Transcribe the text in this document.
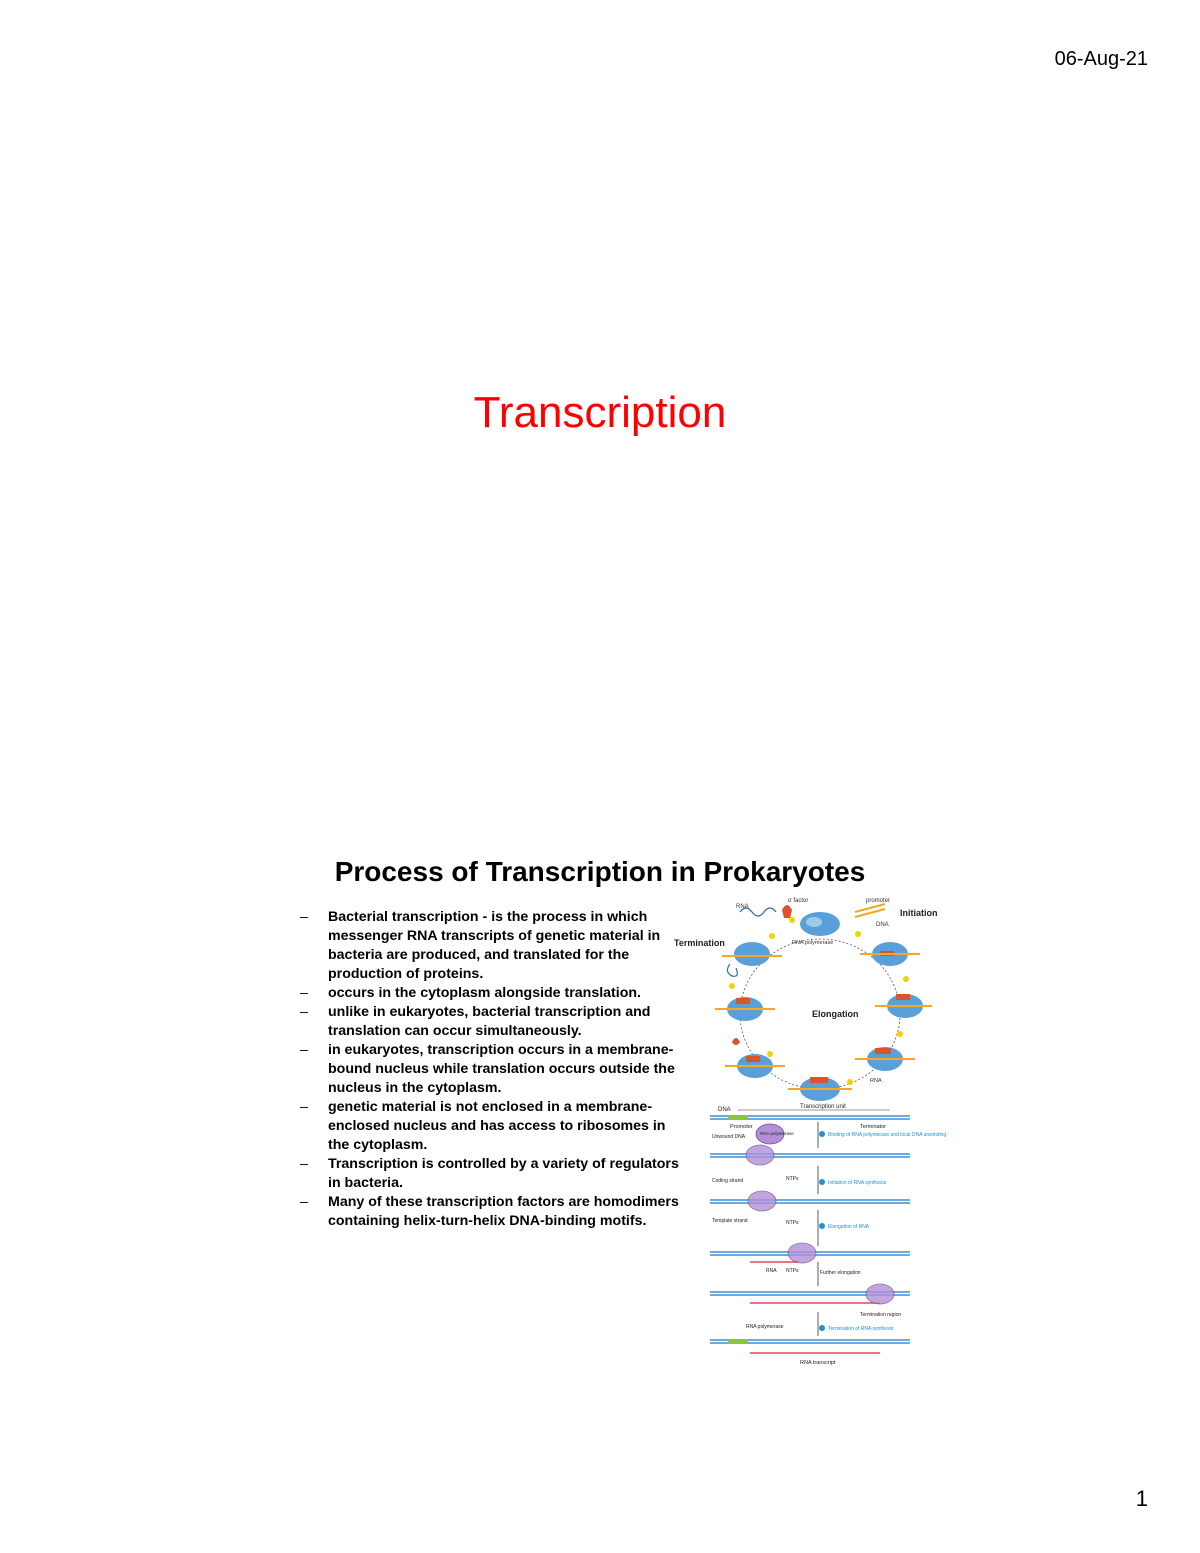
06-Aug-21
Transcription
Process of Transcription in Prokaryotes
– Bacterial transcription - is the process in which messenger RNA transcripts of genetic material in bacteria are produced, and translated for the production of proteins.
– occurs in the cytoplasm alongside translation.
– unlike in eukaryotes, bacterial transcription and translation can occur simultaneously.
– in eukaryotes, transcription occurs in a membrane-bound nucleus while translation occurs outside the nucleus in the cytoplasm.
– genetic material is not enclosed in a membrane-enclosed nucleus and has access to ribosomes in the cytoplasm.
– Transcription is controlled by a variety of regulators in bacteria.
– Many of these transcription factors are homodimers containing helix-turn-helix DNA-binding motifs.
RNA
σ factor	promoter
DNA
Initiation
Termination	RNA polymerase
Elongation
RNA
DNA	Transcription unit
Promoter	Terminator
RNA polymerase
Unwound DNA	Binding of RNA polymerase and local DNA unwinding
NTPs
Initiation of RNA synthesis
Coding strand
Template strand	NTPs
Elongation of RNA
RNA NTPs	Further elongation
Termination region
RNA polymerase	Termination of RNA synthesis
RNA transcript
1
